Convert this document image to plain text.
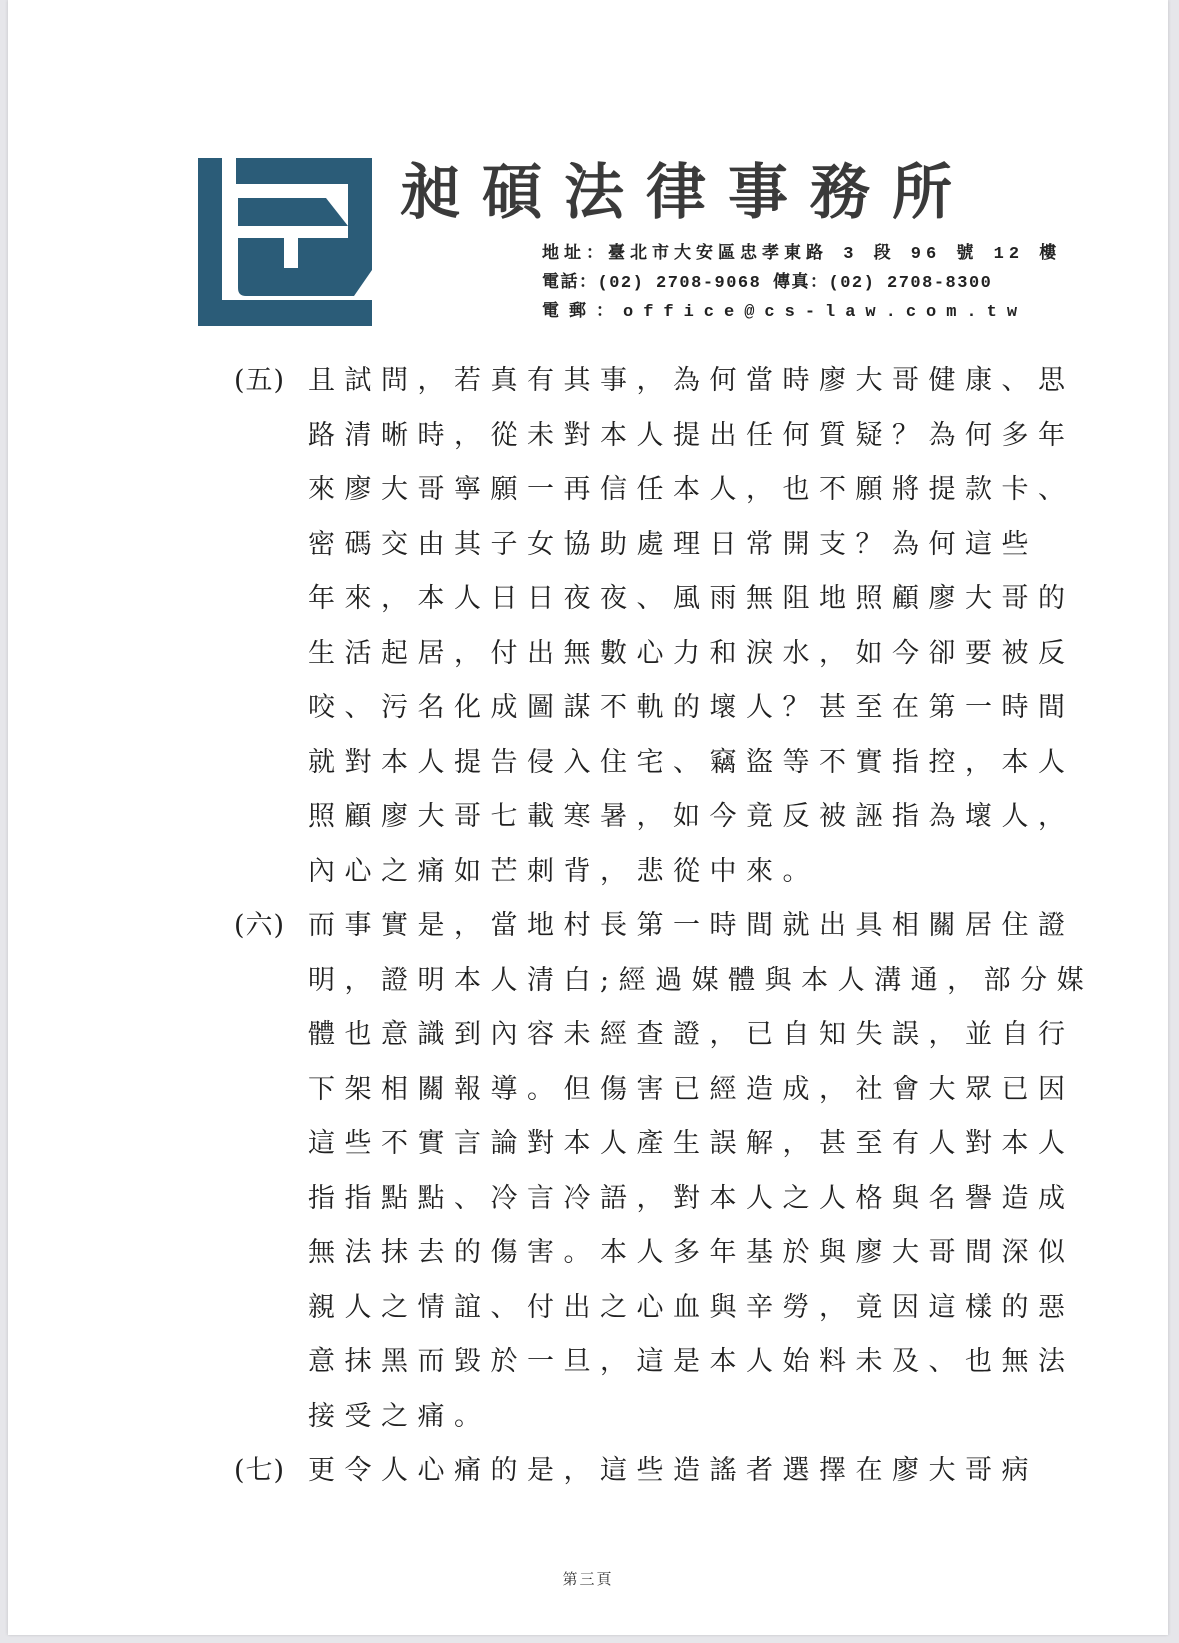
昶碩法律事務所
地址：臺北市大安區忠孝東路 3 段 96 號 12 樓
電話：(02) 2708-9068 傳真：(02) 2708-8300
電郵：office@cs-law.com.tw
(五) 且試問，若真有其事，為何當時廖大哥健康、思
路清晰時，從未對本人提出任何質疑？為何多年
來廖大哥寧願一再信任本人，也不願將提款卡、
密碼交由其子女協助處理日常開支？為何這些
年來，本人日日夜夜、風雨無阻地照顧廖大哥的
生活起居，付出無數心力和淚水，如今卻要被反
咬、污名化成圖謀不軌的壞人？甚至在第一時間
就對本人提告侵入住宅、竊盜等不實指控，本人
照顧廖大哥七載寒暑，如今竟反被誣指為壞人，
內心之痛如芒刺背，悲從中來。
(六) 而事實是，當地村長第一時間就出具相關居住證
明，證明本人清白;經過媒體與本人溝通，部分媒
體也意識到內容未經查證，已自知失誤，並自行
下架相關報導。但傷害已經造成，社會大眾已因
這些不實言論對本人產生誤解，甚至有人對本人
指指點點、冷言冷語，對本人之人格與名譽造成
無法抹去的傷害。本人多年基於與廖大哥間深似
親人之情誼、付出之心血與辛勞，竟因這樣的惡
意抹黑而毀於一旦，這是本人始料未及、也無法
接受之痛。
(七) 更令人心痛的是，這些造謠者選擇在廖大哥病
第三頁
